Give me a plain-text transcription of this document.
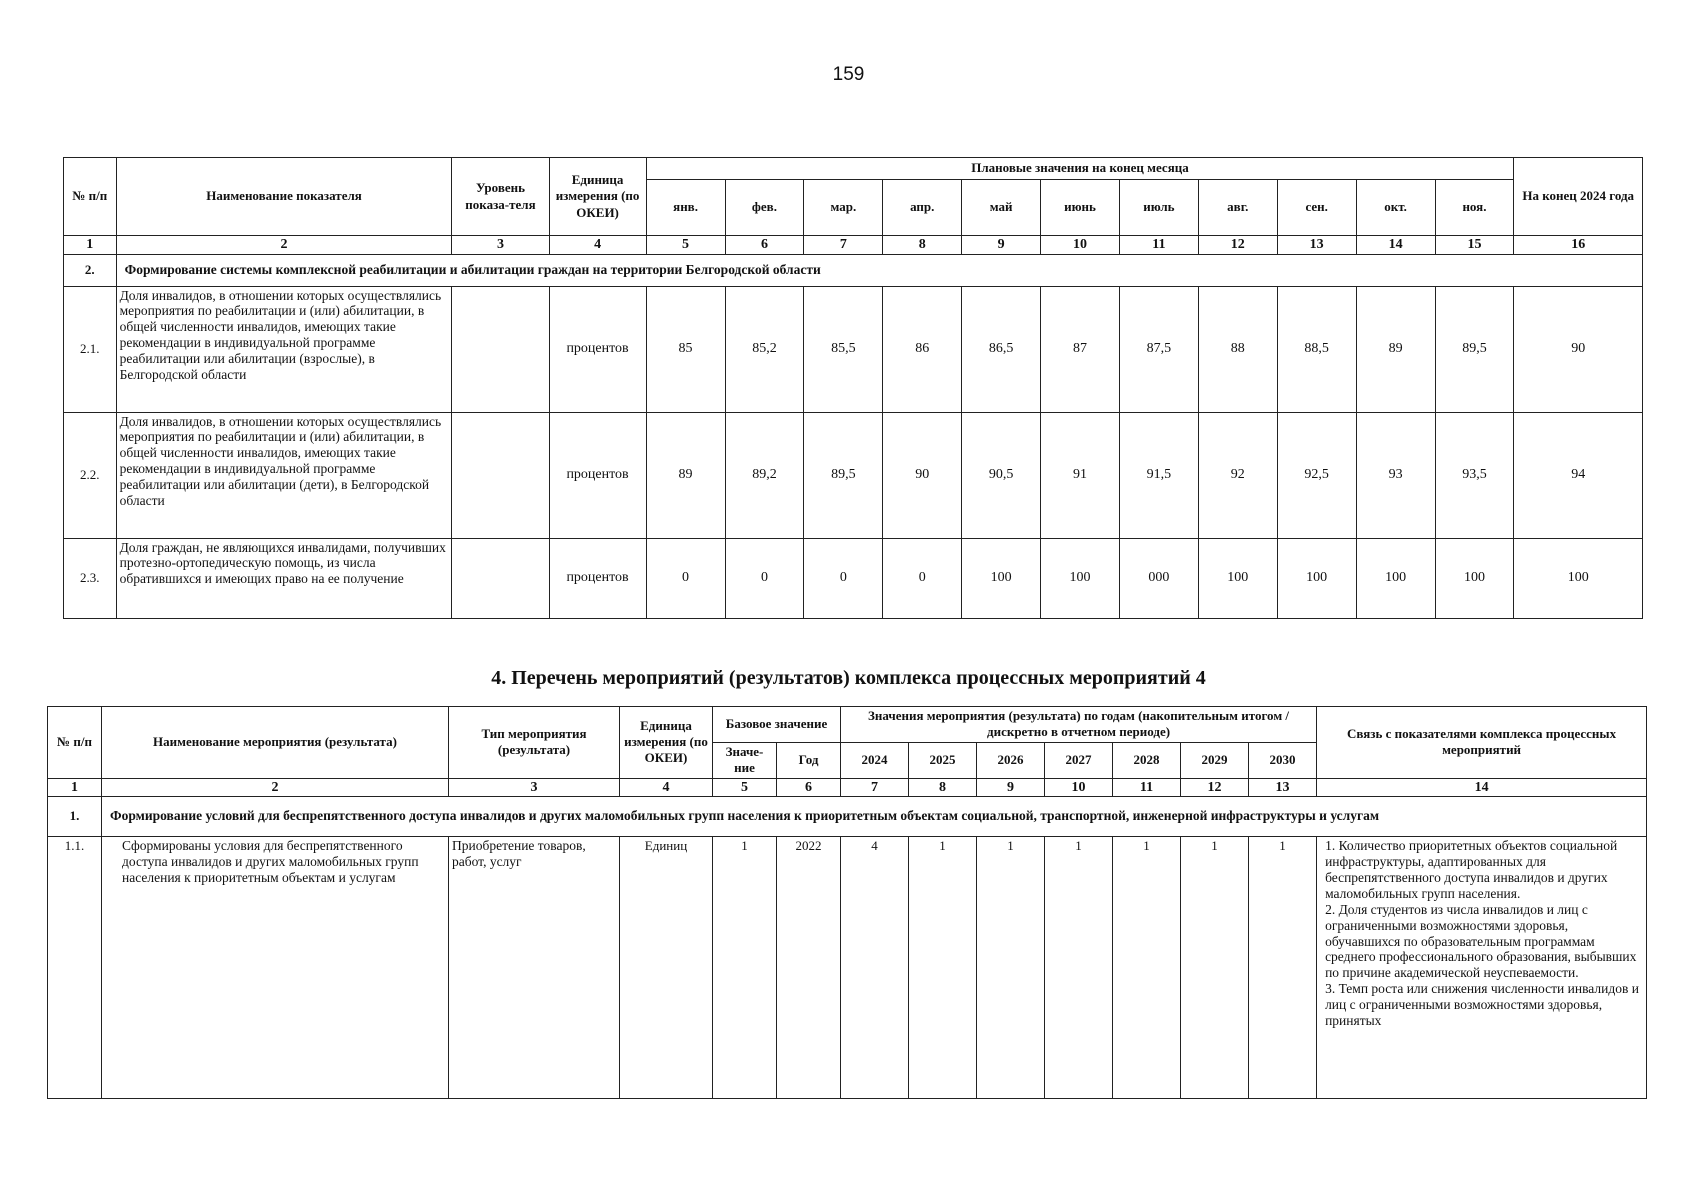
159
№ п/п	Наименование показателя	Уровень показа-теля	Единица измерения (по ОКЕИ)	Плановые значения на конец месяца											На конец 2024 года
				янв.	фев.	мар.	апр.	май	июнь	июль	авг.	сен.	окт.	ноя.	
1	2	3	4	5	6	7	8	9	10	11	12	13	14	15	16
2.	Формирование системы комплексной реабилитации и абилитации граждан на территории Белгородской области														
2.1.	Доля инвалидов, в отношении которых осуществлялись мероприятия по реабилитации и (или) абилитации, в общей численности инвалидов, имеющих такие рекомендации в индивидуальной программе реабилитации или абилитации (взрослые), в Белгородской области		процентов	85	85,2	85,5	86	86,5	87	87,5	88	88,5	89	89,5	90
2.2.	Доля инвалидов, в отношении которых осуществлялись мероприятия по реабилитации и (или) абилитации, в общей численности инвалидов, имеющих такие рекомендации в индивидуальной программе реабилитации или абилитации (дети), в Белгородской области		процентов	89	89,2	89,5	90	90,5	91	91,5	92	92,5	93	93,5	94
2.3.	Доля граждан, не являющихся инвалидами, получивших протезно-ортопедическую помощь, из числа обратившихся и имеющих право на ее получение		процентов	0	0	0	0	100	100	000	100	100	100	100	100
4. Перечень мероприятий (результатов) комплекса процессных мероприятий 4
№ п/п	Наименование мероприятия (результата)	Тип мероприятия (результата)	Единица измерения (по ОКЕИ)	Базовое значение		Значения мероприятия (результата) по годам (накопительным итогом / дискретно в отчетном периоде)							Связь с показателями комплекса процессных мероприятий
				Значе-ние	Год	2024	2025	2026	2027	2028	2029	2030	
1	2	3	4	5	6	7	8	9	10	11	12	13	14
1.	Формирование условий для беспрепятственного доступа инвалидов и других маломобильных групп населения к приоритетным объектам социальной, транспортной, инженерной инфраструктуры и услугам												
1.1.	Сформированы условия для беспрепятственного доступа инвалидов и других маломобильных групп населения к приоритетным объектам и услугам	Приобретение товаров, работ, услуг	Единиц	1	2022	4	1	1	1	1	1	1	1. Количество приоритетных объектов социальной инфраструктуры, адаптированных для беспрепятственного доступа инвалидов и других маломобильных групп населения.
2. Доля студентов из числа инвалидов и лиц с ограниченными возможностями здоровья, обучавшихся по образовательным программам среднего профессионального образования, выбывших по причине академической неуспеваемости.
3. Темп роста или снижения численности инвалидов и лиц с ограниченными возможностями здоровья, принятых
